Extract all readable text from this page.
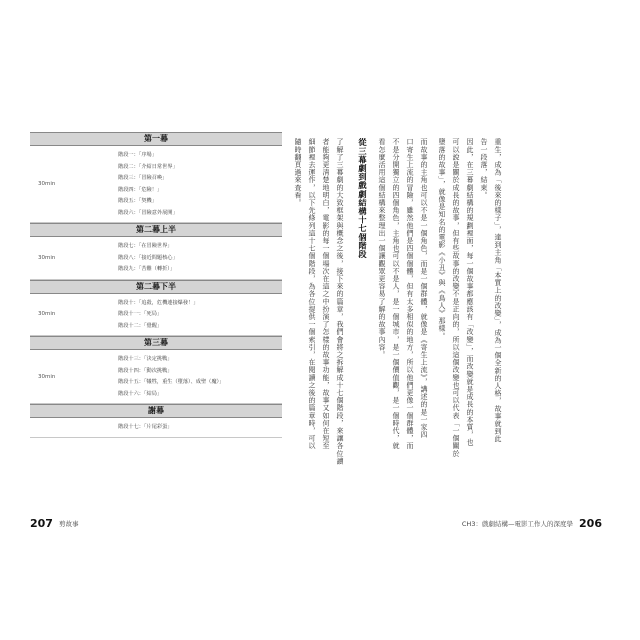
第一幕
30min
階段一：「序場」
階段二：「介紹日常世界」
階段三：「冒險召喚」
階段四：「危險！」
階段五：「契機」
階段六：「冒險意外展開」
第二幕上半
30min
階段七：「在冒險世界」
階段八：「接近問題核心」
階段九：「苦難（轉折）」
第二幕下半
30min
階段十：「追殺，危機連接爆發！」
階段十一：「死局」
階段十二：「覺醒」
第三幕
30min
階段十三：「決定挑戰」
階段十四：「動次挑戰」
階段十五：「犧牲，重生（墮落）、成聖（魔）」
階段十六：「結局」
謝幕
階段十七：「片尾彩蛋」
207 剪故事
重生，成為「後來的樣子」，達到主角「本質上的改變」，成為一個全新的人格，故事就到此
告一段落，結束。
因此，在三幕劇結構的規劃裡面，每一個故事都應該有「改變」，而改變就是成長的本質，也
可以說是關於成長的故事，但有些故事的改變不是正向的，所以這個改變也可以代表「一個關於
墮落的故事」，就像是知名的電影《小丑》與《鳥人》那樣。
而故事的主角也可以不是一個角色，而是一個群體，就像是《寄生上流》，講述的是一家四
口寄生上流的冒險，雖然他們是四個個體，但有太多相似的地方，所以他們更像一個群體，而
不是分開獨立的四個角色，主角也可以不是人，是一個城市，是一個價值觀，是一個時代，就
看怎麼活用這個結構來整理出一個讓觀眾更容易了解的故事內容。
從三幕劇到戲劇結構十七個階段
了解了三幕劇的大致框架與概念之後，接下來的篇章，我們會將之拆解成十七個階段，來讓各位讀
者能夠更清楚地明白，電影的每一個場次在這之中扮演了怎樣的故事功能，故事又如何在短至
細節裡去運作，以下先條列這十七個階段，為各位提供一個索引，在閱讀之後的篇章時，可以
隨時翻頁過來查看。
CH3：戲劇結構—電影工作人的深度學 206
